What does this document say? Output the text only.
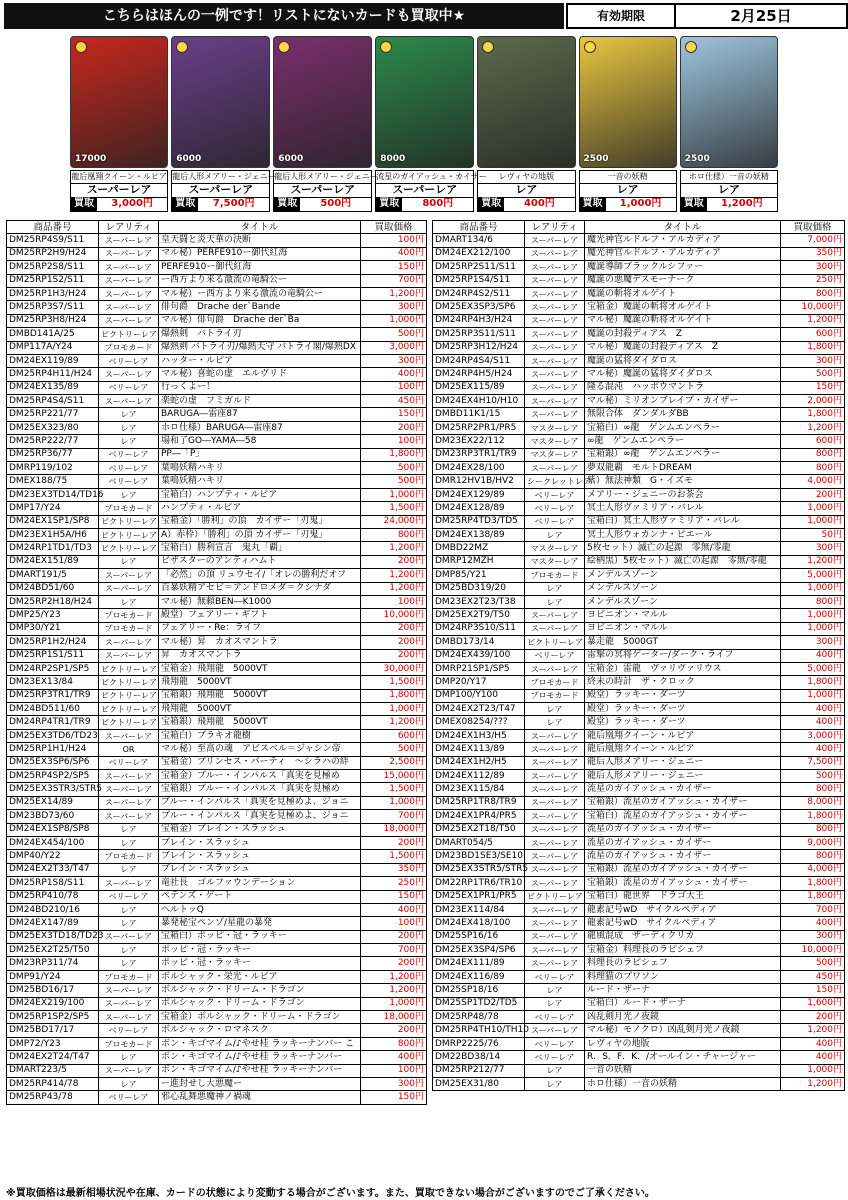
こちらはほんの一例です！リストにないカードも買取中★	有効期限	2月25日
17000
龍后凰翔クイーン・ルピア
スーパーレア
買取	3,000円
6000
龍后人形メアリー・ジェニー
スーパーレア
買取	7,500円
6000
龍后人形メアリー・ジェニー
スーパーレア
買取	500円
8000
流星のガイアッシュ・カイザー
スーパーレア
買取	800円
レヴィヤの地版
レア
買取	400円
2500
一音の妖精
レア
買取	1,000円
2500
ホロ仕様）一音の妖精
レア
買取	1,200円
商品番号	レアリティ	タイトル	買取価格
DM25RP4S9/S11	スーパーレア	皇天闘と炎天華の決断	100円
DM25RP2H9/H24	スーパーレア	マル秘）PERFE910ー御代紅海	400円
DM25RP2S8/S11	スーパーレア	PERFE910ー御代紅海	150円
DM25RP1S2/S11	スーパーレア	ー西方より来る激流の竜騎公ー	700円
DM25RP1H3/H24	スーパーレア	マル秘）ー西方より来る激流の竜騎公ー	1,200円
DM25RP3S7/S11	スーパーレア	俳句爵　Drache der`Bande	300円
DM25RP3H8/H24	スーパーレア	マル秘）俳句爵　Drache der`Ba	1,000円
DMBD141A/25	ビクトリーレア	爆熱剣　バトライ刃	500円
DMP117A/Y24	プロモカード	爆熱剣 バトライ刃/爆熱天守 バトライ閣/爆熱DX	3,000円
DM24EX119/89	ベリーレア	ハッター・ルピア	300円
DM25RP4H11/H24	スーパーレア	マル秘）喜蛇の虚　エルヴリド	400円
DM24EX135/89	ベリーレア	行っくよー！	100円
DM25RP4S4/S11	スーパーレア	楽蛇の虚　フミガルド	450円
DM25RP221/77	レア	BARUGA―雷座87	150円
DM25EX323/80	レア	ホロ仕様）BARUGA―雷座87	200円
DM25RP222/77	レア	場和了GO―YAMA―58	100円
DM25RP36/77	ベリーレア	PP―「P」	1,800円
DMRP119/102	ベリーレア	葉鳴妖精ハキリ	500円
DMEX188/75	ベリーレア	葉鳴妖精ハキリ	500円
DM23EX3TD14/TD16	レア	宝箱白）ハンプティ・ルピア	1,000円
DMP17/Y24	プロモカード	ハンプティ・ルピア	1,500円
DM24EX1SP1/SP8	ビクトリーレア	宝箱金）「勝利」の頂　カイザー「刃鬼」	24,000円
DM23EX1H5A/H6	ビクトリーレア	A）赤枠）「勝利」の頂 カイザー「刃鬼」	800円
DM24RP1TD1/TD3	ビクトリーレア	宝箱白）勝利宣言　鬼丸「覇」	1,200円
DM24EX151/89	レア	ビザスターのアンティハムト	200円
DMART191/5	スーパーレア	「必然」の頂 リュウセイ/「オレの勝利だオフ	1,200円
DM24BD51/60	スーパーレア	百暴妖精アセビ＝アンドロメダ＝クシナダ	1,200円
DM25RP2H18/H24	レア	マル秘）無頼BEN―K1000	100円
DMP25/Y23	プロモカード	殿堂）フェアリー・ギフト	10,000円
DMP30/Y21	プロモカード	フェアリー・Re：ライフ	200円
DM25RP1H2/H24	スーパーレア	マル秘）昇　カオスマントラ	200円
DM25RP1S1/S11	スーパーレア	昇　カオスマントラ	200円
DM24RP2SP1/SP5	ビクトリーレア	宝箱金）飛翔龍　5000VT	30,000円
DM23EX13/84	ビクトリーレア	飛翔龍　5000VT	1,500円
DM25RP3TR1/TR9	ビクトリーレア	宝箱銀）飛翔龍　5000VT	1,800円
DM24BD511/60	ビクトリーレア	飛翔龍　5000VT	1,000円
DM24RP4TR1/TR9	ビクトリーレア	宝箱銀）飛翔龍　5000VT	1,200円
DM25EX3TD6/TD23	スーパーレア	宝箱白）ブラキオ龍樹	600円
DM25RP1H1/H24	OR	マル秘）至高の魂　アビスベル＝ジャシン帝	500円
DM25EX3SP6/SP6	ベリーレア	宝箱金）プリンセス・パーティ　～シラハの絆	2,500円
DM25RP4SP2/SP5	スーパーレア	宝箱金）ブルー・インパルス「真実を見極め	15,000円
DM25EX3STR3/STR5	スーパーレア	宝箱銀）ブルー・インパルス「真実を見極め	1,500円
DM25EX14/89	スーパーレア	ブルー・インパルス「真実を見極めよ、ジョニ	1,000円
DM23BD73/60	スーパーレア	ブルー・インパルス「真実を見極めよ、ジョニ	700円
DM24EX1SP8/SP8	レア	宝箱金）ブレイン・スラッシュ	18,000円
DM24EX454/100	レア	ブレイン・スラッシュ	200円
DMP40/Y22	プロモカード	ブレイン・スラッシュ	1,500円
DM24EX2T33/T47	レア	ブレイン・スラッシュ	350円
DM25RP1S8/S11	スーパーレア	竜社長　ゴルファウンデーション	250円
DM25RP410/78	ベリーレア	ペテンズ・ゲート	150円
DM24BD210/16	レア	ヘルトッQ	400円
DM24EX147/89	レア	暴発秘宝ペンゾ/星龍の暴発	100円
DM25EX3TD18/TD23	スーパーレア	宝箱白）ポッピ・冠・ラッキー	200円
DM25EX2T25/T50	レア	ポッピ・冠・ラッキー	700円
DM23RP311/74	レア	ポッピ・冠・ラッキー	200円
DMP91/Y24	プロモカード	ボルシャック・栄光・ルピア	1,200円
DM25BD16/17	スーパーレア	ボルシャック・ドリーム・ドラゴン	1,200円
DM24EX219/100	スーパーレア	ボルシャック・ドリーム・ドラゴン	1,000円
DM25RP1SP2/SP5	スーパーレア	宝箱金）ボルシャック・ドリーム・ドラゴン	18,000円
DM25BD17/17	ベリーレア	ボルシャック・ロマネスク	200円
DMP72/Y23	プロモカード	ボン・キゴマイム/♪やせ桂 ラッキーナンバー こ	800円
DM24EX2T24/T47	レア	ボン・キゴマイム/♪やせ桂 ラッキーナンバー	400円
DMART223/5	スーパーレア	ボン・キゴマイム/♪やせ桂 ラッキーナンバー	100円
DM25RP414/78	レア	ー進封せし大悪魔ー	300円
DM25RP43/78	ベリーレア	邪心乱舞悪魔神ノ禍魂	150円
商品番号	レアリティ	タイトル	買取価格
DMART134/6	スーパーレア	魔光神官ルドルフ・アルカディア	7,000円
DM24EX212/100	スーパーレア	魔光神官ルドルフ・アルカディア	350円
DM25RP2S11/S11	スーパーレア	魔誕導師ブラックルシファー	300円
DM25RP1S4/S11	スーパーレア	魔誕の悪魔デスモーナーク	250円
DM24RP4S2/S11	スーパーレア	魔誕の斬将オルゲイト	800円
DM25EX3SP3/SP6	スーパーレア	宝箱金）魔誕の斬将オルゲイト	10,000円
DM24RP4H3/H24	スーパーレア	マル秘）魔誕の斬将オルゲイト	1,200円
DM25RP3S11/S11	スーパーレア	魔誕の封殺ディアス　Z	600円
DM25RP3H12/H24	スーパーレア	マル秘）魔誕の封殺ディアス　Z	1,800円
DM24RP4S4/S11	スーパーレア	魔誕の猛将ダイダロス	300円
DM24RP4H5/H24	スーパーレア	マル秘）魔誕の猛将ダイダロス	500円
DM25EX115/89	スーパーレア	隆る混沌　ハッポウマントラ	150円
DM24EX4H10/H10	スーパーレア	マル秘）ミリオンブレイブ・カイザー	2,000円
DMBD11K1/15	スーパーレア	無限合体　ダンダルダBB	1,800円
DM25RP2PR1/PR5	マスターレア	宝箱白）∞龍　ゲンムエンペラー	1,200円
DM23EX22/112	マスターレア	∞龍　ゲンムエンペラー	600円
DM23RP3TR1/TR9	マスターレア	宝箱銀）∞龍　ゲンムエンペラー	800円
DM24EX28/100	スーパーレア	夢双龍覇　モルトDREAM	800円
DMR12HV1B/HV2	シークレットレア	紫）無法神類　G・イズモ	4,000円
DM24EX129/89	ベリーレア	メアリー・ジェニーのお茶会	200円
DM24EX128/89	ベリーレア	冥土人形ヴァミリア・バレル	1,000円
DM25RP4TD3/TD5	ベリーレア	宝箱白）冥土人形ヴァミリア・バレル	1,000円
DM24EX138/89	レア	冥土人形ウォカンナ・ピエール	50円
DMBD22MZ	マスターレア	5枚セット）滅亡の起源　零無/零龍	300円
DMRP12MZH	マスターレア	絵柄黒）5枚セット）滅亡の起源　零無/零龍	1,200円
DMP85/Y21	プロモカード	メンデルスゾーン	5,000円
DM25BD319/20	レア	メンデルスゾーン	1,000円
DM23EX2T23/T38	レア	メンデルスゾーン	800円
DM25EX2T9/T50	スーパーレア	ヨビニオン・マルル	1,000円
DM24RP3S10/S11	スーパーレア	ヨビニオン・マルル	1,000円
DMBD173/14	ビクトリーレア	暴走龍　5000GT	300円
DM24EX439/100	ベリーレア	雷撃の冥将ゲーター/ダーク・ライフ	400円
DMRP21SP1/SP5	スーパーレア	宝箱金）雷龍　ヴァリヴァリウス	5,000円
DMP20/Y17	プロモカード	終末の時計　ザ・クロック	1,800円
DMP100/Y100	プロモカード	殿堂）ラッキー・ダーツ	1,000円
DM24EX2T23/T47	レア	殿堂）ラッキー・ダーツ	400円
DMEX08254/???	レア	殿堂）ラッキー・ダーツ	400円
DM24EX1H3/H5	スーパーレア	龍后凰翔クイーン・ルピア	3,000円
DM24EX113/89	スーパーレア	龍后凰翔クイーン・ルピア	400円
DM24EX1H2/H5	スーパーレア	龍后人形メアリー・ジェニー	7,500円
DM24EX112/89	スーパーレア	龍后人形メアリー・ジェニー	500円
DM23EX115/84	スーパーレア	流星のガイアッシュ・カイザー	800円
DM25RP1TR8/TR9	スーパーレア	宝箱銀）流星のガイアッシュ・カイザー	8,000円
DM24EX1PR4/PR5	スーパーレア	宝箱白）流星のガイアッシュ・カイザー	1,800円
DM25EX2T18/T50	スーパーレア	流星のガイアッシュ・カイザー	800円
DMART054/5	スーパーレア	流星のガイアッシュ・カイザー	9,000円
DM23BD1SE3/SE10	スーパーレア	流星のガイアッシュ・カイザー	800円
DM25EX3STR5/STR5	スーパーレア	宝箱銀）流星のガイアッシュ・カイザー	4,000円
DM22RP1TR6/TR10	スーパーレア	宝箱銀）流星のガイアッシュ・カイザー	1,800円
DM25EX1PR1/PR5	ビクトリーレア	宝箱白）龍世界　ドラゴ大王	1,800円
DM23EX114/84	スーパーレア	龍素記号wD　サイクルペディア	700円
DM24EX418/100	スーパーレア	龍素記号wD　サイクルペディア	400円
DM25SP16/16	スーパーレア	龍風混成　ザーディクリカ	300円
DM25EX3SP4/SP6	スーパーレア	宝箱金）料理長のラピシェフ	10,000円
DM24EX111/89	スーパーレア	料理長のラピシェフ	500円
DM24EX116/89	ベリーレア	料理猫のプワソン	450円
DM25SP18/16	レア	ルード・ザーナ	150円
DM25SP1TD2/TD5	レア	宝箱白）ルード・ザーナ	1,600円
DM25RP48/78	ベリーレア	凶乱剣月光ノ夜鏡	200円
DM25RP4TH10/TH10	スーパーレア	マル秘）モノクロ）凶乱剣月光ノ夜鏡	1,200円
DMRP2225/76	ベリーレア	レヴィヤの地版	400円
DM22BD38/14	ベリーレア	R．S．F．K．/オールイン・チャージャー	400円
DM25RP212/77	レア	一音の妖精	1,000円
DM25EX31/80	レア	ホロ仕様）一音の妖精	1,200円
※買取価格は最新相場状況や在庫、カードの状態により変動する場合がございます。また、買取できない場合がございますのでご了承ください。
